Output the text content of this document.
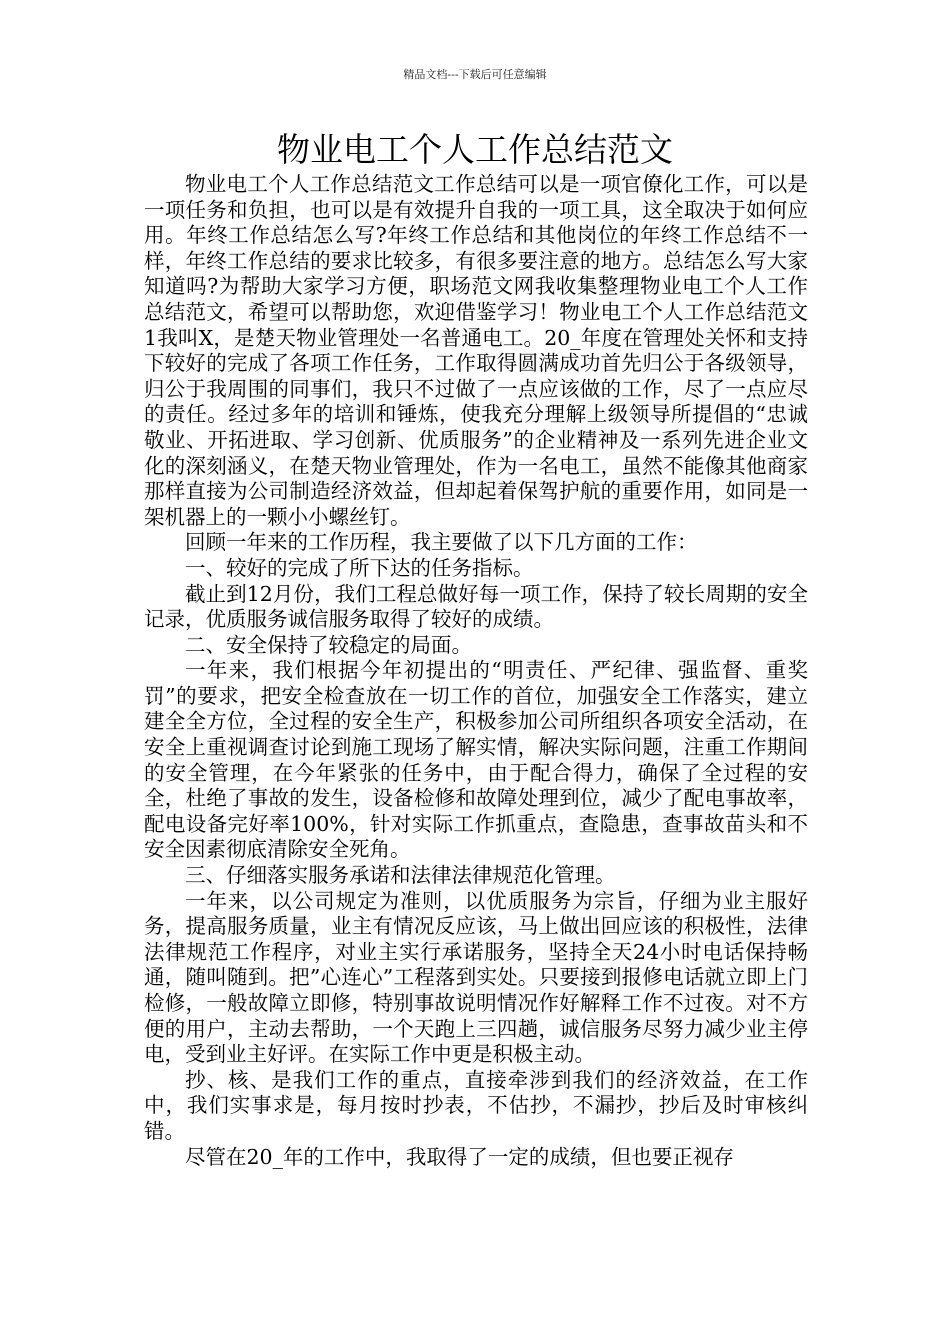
精品文档---下载后可任意编辑
物业电工个人工作总结范文

物业电工个人工作总结范文工作总结可以是一项官僚化工作，可以是一项任务和负担，也可以是有效提升自我的一项工具，这全取决于如何应用。年终工作总结怎么写?年终工作总结和其他岗位的年终工作总结不一样，年终工作总结的要求比较多，有很多要注意的地方。总结怎么写大家知道吗?为帮助大家学习方便，职场范文网我收集整理物业电工个人工作总结范文，希望可以帮助您，欢迎借鉴学习！物业电工个人工作总结范文1我叫X，是楚天物业管理处一名普通电工。20_年度在管理处关怀和支持下较好的完成了各项工作任务，工作取得圆满成功首先归公于各级领导，归公于我周围的同事们，我只不过做了一点应该做的工作，尽了一点应尽的责任。经过多年的培训和锤炼，使我充分理解上级领导所提倡的“忠诚敬业、开拓进取、学习创新、优质服务”的企业精神及一系列先进企业文化的深刻涵义，在楚天物业管理处，作为一名电工，虽然不能像其他商家那样直接为公司制造经济效益，但却起着保驾护航的重要作用，如同是一架机器上的一颗小小螺丝钉。

回顾一年来的工作历程，我主要做了以下几方面的工作：

一、较好的完成了所下达的任务指标。

截止到12月份，我们工程总做好每一项工作，保持了较长周期的安全记录，优质服务诚信服务取得了较好的成绩。

二、安全保持了较稳定的局面。

一年来，我们根据今年初提出的“明责任、严纪律、强监督、重奖罚”的要求，把安全检查放在一切工作的首位，加强安全工作落实，建立建全全方位，全过程的安全生产，积极参加公司所组织各项安全活动，在安全上重视调查讨论到施工现场了解实情，解决实际问题，注重工作期间的安全管理，在今年紧张的任务中，由于配合得力，确保了全过程的安全，杜绝了事故的发生，设备检修和故障处理到位，减少了配电事故率，配电设备完好率100%，针对实际工作抓重点，查隐患，查事故苗头和不安全因素彻底清除安全死角。

三、仔细落实服务承诺和法律法律规范化管理。

一年来，以公司规定为准则，以优质服务为宗旨，仔细为业主服好务，提高服务质量，业主有情况反应该，马上做出回应该的积极性，法律法律规范工作程序，对业主实行承诺服务，坚持全天24小时电话保持畅通，随叫随到。把”心连心”工程落到实处。只要接到报修电话就立即上门检修，一般故障立即修，特别事故说明情况作好解释工作不过夜。对不方便的用户，主动去帮助，一个天跑上三四趟，诚信服务尽努力减少业主停电，受到业主好评。在实际工作中更是积极主动。

抄、核、是我们工作的重点，直接牵涉到我们的经济效益，在工作中，我们实事求是，每月按时抄表，不估抄，不漏抄，抄后及时审核纠错。

尽管在20_年的工作中，我取得了一定的成绩，但也要正视存
